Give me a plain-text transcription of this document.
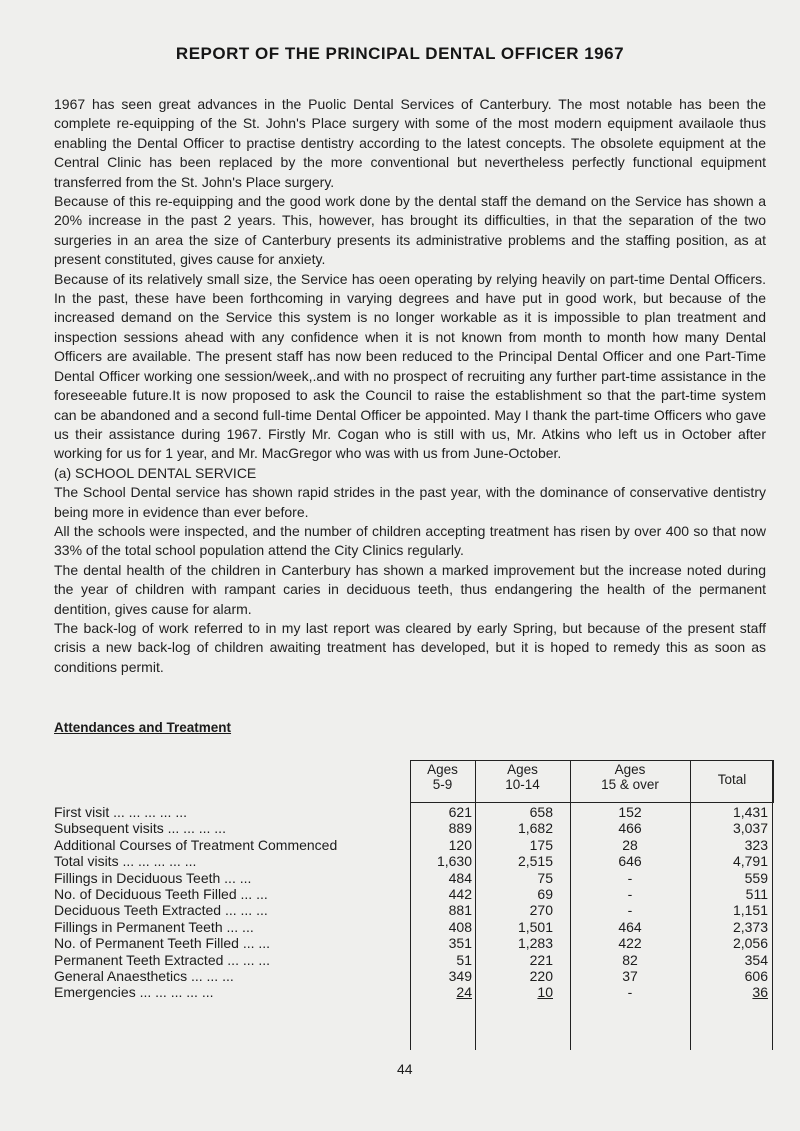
REPORT OF THE PRINCIPAL DENTAL OFFICER 1967

1967 has seen great advances in the Puolic Dental Services of Canterbury. The most notable has been the complete re-equipping of the St. John's Place surgery with some of the most modern equipment availaole thus enabling the Dental Officer to practise dentistry according to the latest concepts. The obsolete equipment at the Central Clinic has been replaced by the more conventional but nevertheless perfectly functional equipment transferred from the St. John's Place surgery.

Because of this re-equipping and the good work done by the dental staff the demand on the Service has shown a 20% increase in the past 2 years. This, however, has brought its difficulties, in that the separation of the two surgeries in an area the size of Canterbury presents its administrative problems and the staffing position, as at present constituted, gives cause for anxiety.

Because of its relatively small size, the Service has oeen operating by relying heavily on part-time Dental Officers. In the past, these have been forthcoming in varying degrees and have put in good work, but because of the increased demand on the Service this system is no longer workable as it is impossible to plan treatment and inspection sessions ahead with any confidence when it is not known from month to month how many Dental Officers are available. The present staff has now been reduced to the Principal Dental Officer and one Part-Time Dental Officer working one session/week,.and with no prospect of recruiting any further part-time assistance in the foreseeable future.It is now proposed to ask the Council to raise the establishment so that the part-time system can be abandoned and a second full-time Dental Officer be appointed. May I thank the part-time Officers who gave us their assistance during 1967. Firstly Mr. Cogan who is still with us, Mr. Atkins who left us in October after working for us for 1 year, and Mr. MacGregor who was with us from June-October.

(a) SCHOOL DENTAL SERVICE

The School Dental service has shown rapid strides in the past year, with the dominance of conservative dentistry being more in evidence than ever before.

All the schools were inspected, and the number of children accepting treatment has risen by over 400 so that now 33% of the total school population attend the City Clinics regularly.

The dental health of the children in Canterbury has shown a marked improvement but the increase noted during the year of children with rampant caries in deciduous teeth, thus endangering the health of the permanent dentition, gives cause for alarm.

The back-log of work referred to in my last report was cleared by early Spring, but because of the present staff crisis a new back-log of children awaiting treatment has developed, but it is hoped to remedy this as soon as conditions permit.

Attendances and Treatment
First visit ... ... ... ... ...
Subsequent visits ... ... ... ...
Additional Courses of Treatment Commenced
Total visits ... ... ... ... ...
Fillings in Deciduous Teeth ... ...
No. of Deciduous Teeth Filled ... ...
Deciduous Teeth Extracted ... ... ...
Fillings in Permanent Teeth ... ...
No. of Permanent Teeth Filled ... ...
Permanent Teeth Extracted ... ... ...
General Anaesthetics ... ... ...
Emergencies ... ... ... ... ...
Ages
5-9
621
889
120
1,630
484
442
881
408
351
51
349
24
Ages
10-14
658
1,682
175
2,515
75
69
270
1,501
1,283
221
220
10
Ages
15 & over
152
466
28
646
-
-
-
464
422
82
37
-
Total
1,431
3,037
323
4,791
559
511
1,151
2,373
2,056
354
606
36
44
